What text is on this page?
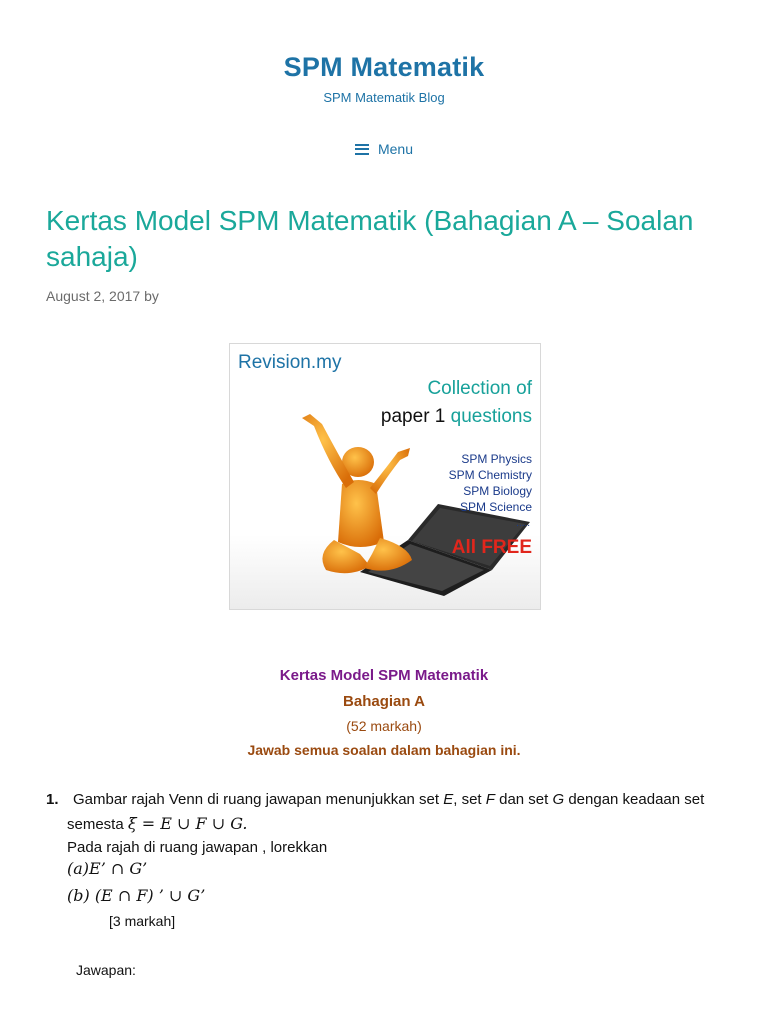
SPM Matematik
SPM Matematik Blog
Menu
Kertas Model SPM Matematik (Bahagian A – Soalan sahaja)
August 2, 2017 by
Revision.my
Collection of
paper 1 questions
SPM Physics
SPM Chemistry
SPM Biology
SPM Science
.....
All FREE
Kertas Model SPM Matematik
Bahagian A
(52 markah)
Jawab semua soalan dalam bahagian ini.
1. Gambar rajah Venn di ruang jawapan menunjukkan set E, set F dan set G dengan keadaan set
semesta ξ = E ∪ F ∪ G.
Pada rajah di ruang jawapan , lorekkan
(a)E’ ∩ G’
(b) (E ∩ F) ’ ∪ G’
[3 markah]
Jawapan:
